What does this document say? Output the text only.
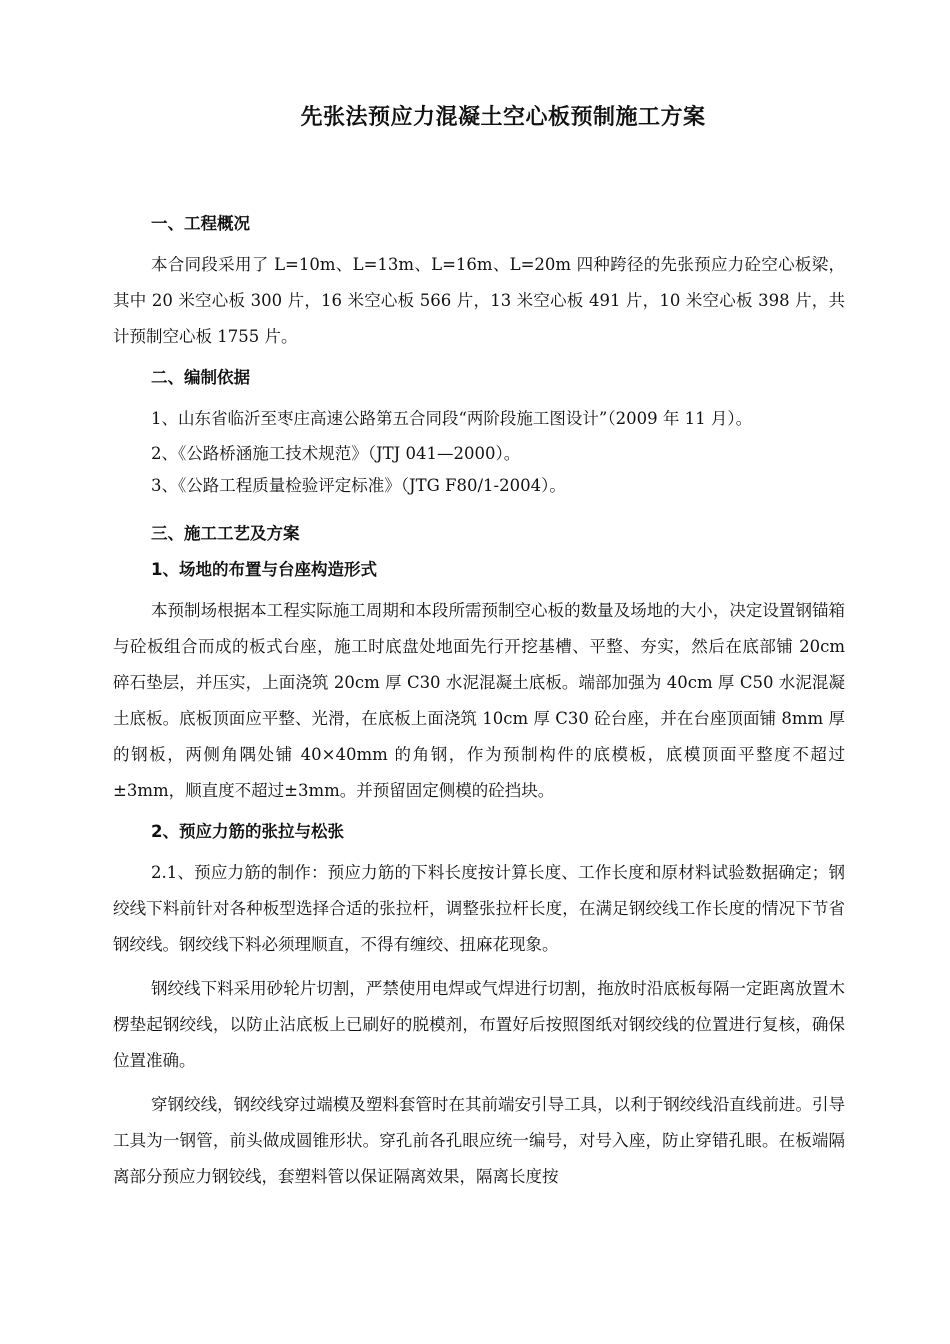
先张法预应力混凝土空心板预制施工方案
一、工程概况

本合同段采用了 L=10m、L=13m、L=16m、L=20m 四种跨径的先张预应力砼空心板梁，其中 20 米空心板 300 片，16 米空心板 566 片，13 米空心板 491 片，10 米空心板 398 片，共计预制空心板 1755 片。

二、编制依据

1、山东省临沂至枣庄高速公路第五合同段“两阶段施工图设计”（2009 年 11 月）。

2、《公路桥涵施工技术规范》（JTJ 041—2000）。

3、《公路工程质量检验评定标准》（JTG F80/1-2004）。

三、施工工艺及方案
1、场地的布置与台座构造形式

本预制场根据本工程实际施工周期和本段所需预制空心板的数量及场地的大小，决定设置钢锚箱与砼板组合而成的板式台座，施工时底盘处地面先行开挖基槽、平整、夯实，然后在底部铺 20cm 碎石垫层，并压实，上面浇筑 20cm 厚 C30 水泥混凝土底板。端部加强为 40cm 厚 C50 水泥混凝土底板。底板顶面应平整、光滑，在底板上面浇筑 10cm 厚 C30 砼台座，并在台座顶面铺 8mm 厚的钢板，两侧角隅处铺 40×40mm 的角钢，作为预制构件的底模板，底模顶面平整度不超过±3mm，顺直度不超过±3mm。并预留固定侧模的砼挡块。

2、预应力筋的张拉与松张

2.1、预应力筋的制作：预应力筋的下料长度按计算长度、工作长度和原材料试验数据确定；钢绞线下料前针对各种板型选择合适的张拉杆，调整张拉杆长度，在满足钢绞线工作长度的情况下节省钢绞线。钢绞线下料必须理顺直，不得有缠绞、扭麻花现象。

钢绞线下料采用砂轮片切割，严禁使用电焊或气焊进行切割，拖放时沿底板每隔一定距离放置木楞垫起钢绞线，以防止沾底板上已刷好的脱模剂，布置好后按照图纸对钢绞线的位置进行复核，确保位置准确。

穿钢绞线，钢绞线穿过端模及塑料套管时在其前端安引导工具，以利于钢绞线沿直线前进。引导工具为一钢管，前头做成圆锥形状。穿孔前各孔眼应统一编号，对号入座，防止穿错孔眼。在板端隔离部分预应力钢铰线，套塑料管以保证隔离效果，隔离长度按
